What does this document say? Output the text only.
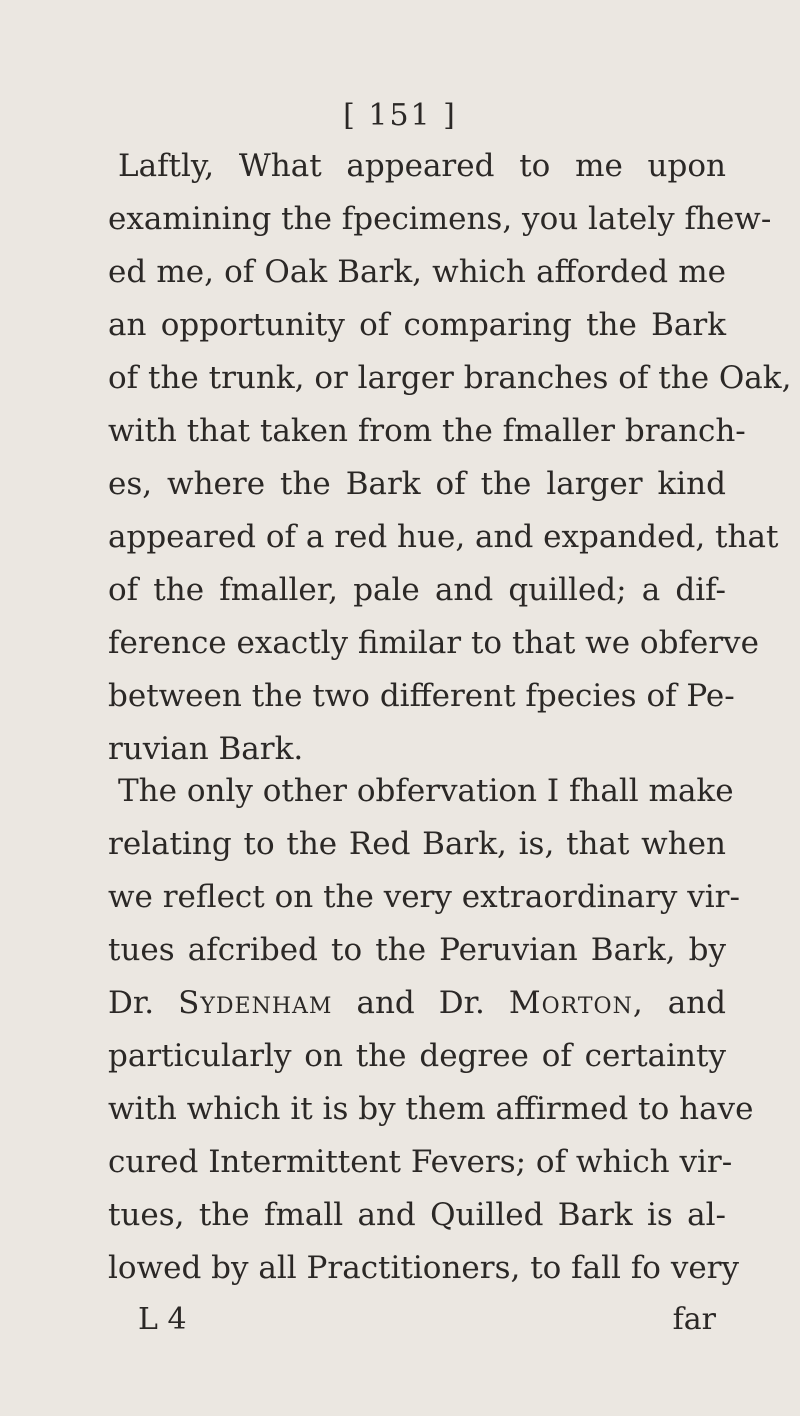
[ 151 ]
Laftly, What appeared to me upon
examining the fpecimens, you lately fhew-
ed me, of Oak Bark, which afforded me
an opportunity of comparing the Bark
of the trunk, or larger branches of the Oak,
with that taken from the fmaller branch-
es, where the Bark of the larger kind
appeared of a red hue, and expanded, that
of the fmaller, pale and quilled; a dif-
ference exactly fimilar to that we obferve
between the two different fpecies of Pe-
ruvian Bark.
The only other obfervation I fhall make
relating to the Red Bark, is, that when
we reflect on the very extraordinary vir-
tues afcribed to the Peruvian Bark, by
Dr. Sydenham and Dr. Morton, and
particularly on the degree of certainty
with which it is by them affirmed to have
cured Intermittent Fevers; of which vir-
tues, the fmall and Quilled Bark is al-
lowed by all Practitioners, to fall fo very
L 4	far
